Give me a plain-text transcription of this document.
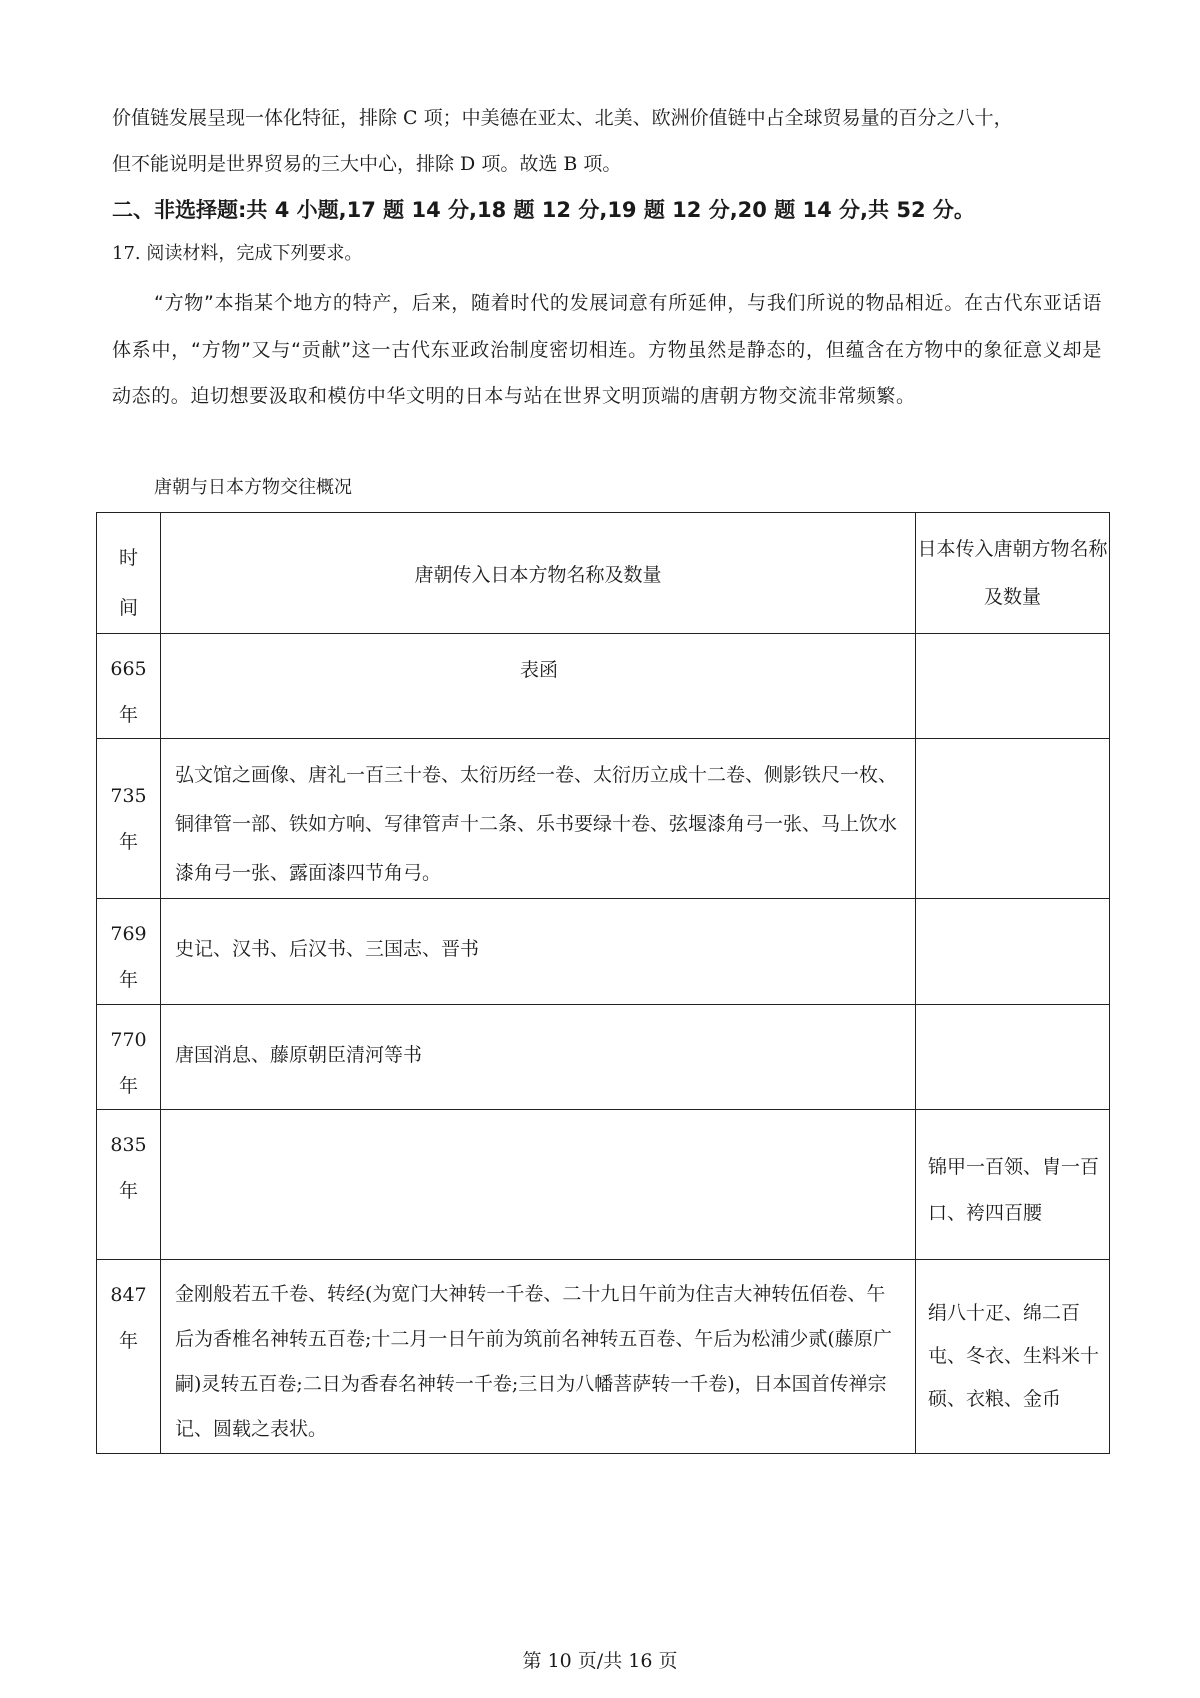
价值链发展呈现一体化特征，排除 C 项；中美德在亚太、北美、欧洲价值链中占全球贸易量的百分之八十，
但不能说明是世界贸易的三大中心，排除 D 项。故选 B 项。
二、非选择题:共 4 小题,17 题 14 分,18 题 12 分,19 题 12 分,20 题 14 分,共 52 分。
17. 阅读材料，完成下列要求。
“方物”本指某个地方的特产，后来，随着时代的发展词意有所延伸，与我们所说的物品相近。在古代东亚话语体系中，“方物”又与“贡献”这一古代东亚政治制度密切相连。方物虽然是静态的，但蕴含在方物中的象征意义却是动态的。迫切想要汲取和模仿中华文明的日本与站在世界文明顶端的唐朝方物交流非常频繁。
唐朝与日本方物交往概况
时间	唐朝传入日本方物名称及数量	日本传入唐朝方物名称及数量
665
年	表函	
735
年	弘文馆之画像、唐礼一百三十卷、太衍历经一卷、太衍历立成十二卷、侧影铁尺一枚、铜律管一部、铁如方响、写律管声十二条、乐书要绿十卷、弦堰漆角弓一张、马上饮水漆角弓一张、露面漆四节角弓。	
769
年	史记、汉书、后汉书、三国志、晋书	
770
年	唐国消息、藤原朝臣清河等书	
835
年		锦甲一百领、胄一百口、袴四百腰
847
年	金刚般若五千卷、转经(为宽门大神转一千卷、二十九日午前为住吉大神转伍佰卷、午后为香椎名神转五百卷;十二月一日午前为筑前名神转五百卷、午后为松浦少贰(藤原广嗣)灵转五百卷;二日为香春名神转一千卷;三日为八幡菩萨转一千卷)，日本国首传禅宗记、圆载之表状。	绢八十疋、绵二百屯、冬衣、生料米十硕、衣粮、金币
第 10 页/共 16 页
